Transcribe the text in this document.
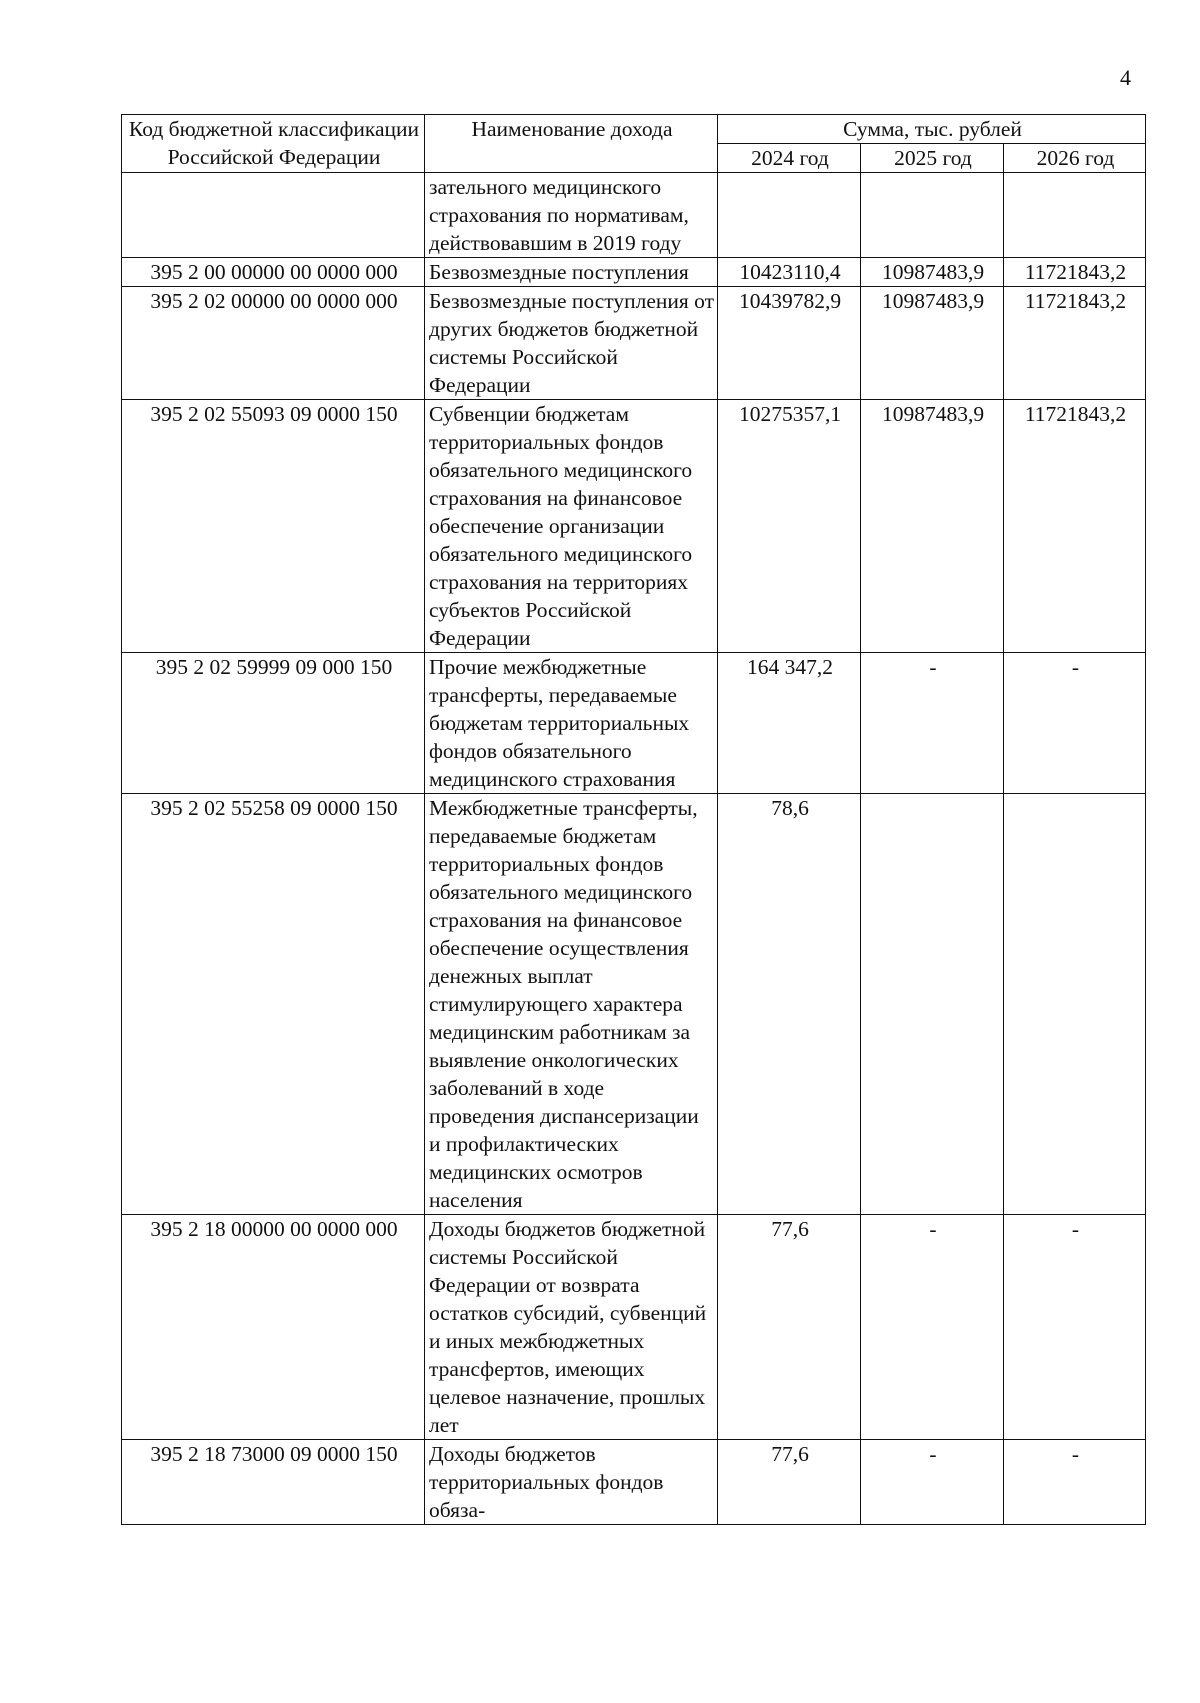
4
Код бюджетной классификации Российской Федерации	Наименование дохода	Сумма, тыс. рублей		
		2024 год	2025 год	2026 год
	зательного медицинского страхования по нормативам, действовавшим в 2019 году			
395 2 00 00000 00 0000 000	Безвозмездные поступления	10423110,4	10987483,9	11721843,2
395 2 02 00000 00 0000 000	Безвозмездные поступления от других бюджетов бюджетной системы Российской Федерации	10439782,9	10987483,9	11721843,2
395 2 02 55093 09 0000 150	Субвенции бюджетам территориальных фондов обязательного медицинского страхования на финансовое обеспечение организации обязательного медицинского страхования на территориях субъектов Российской Федерации	10275357,1	10987483,9	11721843,2
395 2 02 59999 09 000 150	Прочие межбюджетные трансферты, передаваемые бюджетам территориальных фондов обязательного медицинского страхования	164 347,2	-	-
395 2 02 55258 09 0000 150	Межбюджетные трансферты, передаваемые бюджетам территориальных фондов обязательного медицинского страхования на финансовое обеспечение осуществления денежных выплат стимулирующего характера медицинским работникам за выявление онкологических заболеваний в ходе проведения диспансеризации и профилактических медицинских осмотров населения	78,6		
395 2 18 00000 00 0000 000	Доходы бюджетов бюджетной системы Российской Федерации от возврата остатков субсидий, субвенций и иных межбюджетных трансфертов, имеющих целевое назначение, прошлых лет	77,6	-	-
395 2 18 73000 09 0000 150	Доходы бюджетов территориальных фондов обяза-	77,6	-	-
